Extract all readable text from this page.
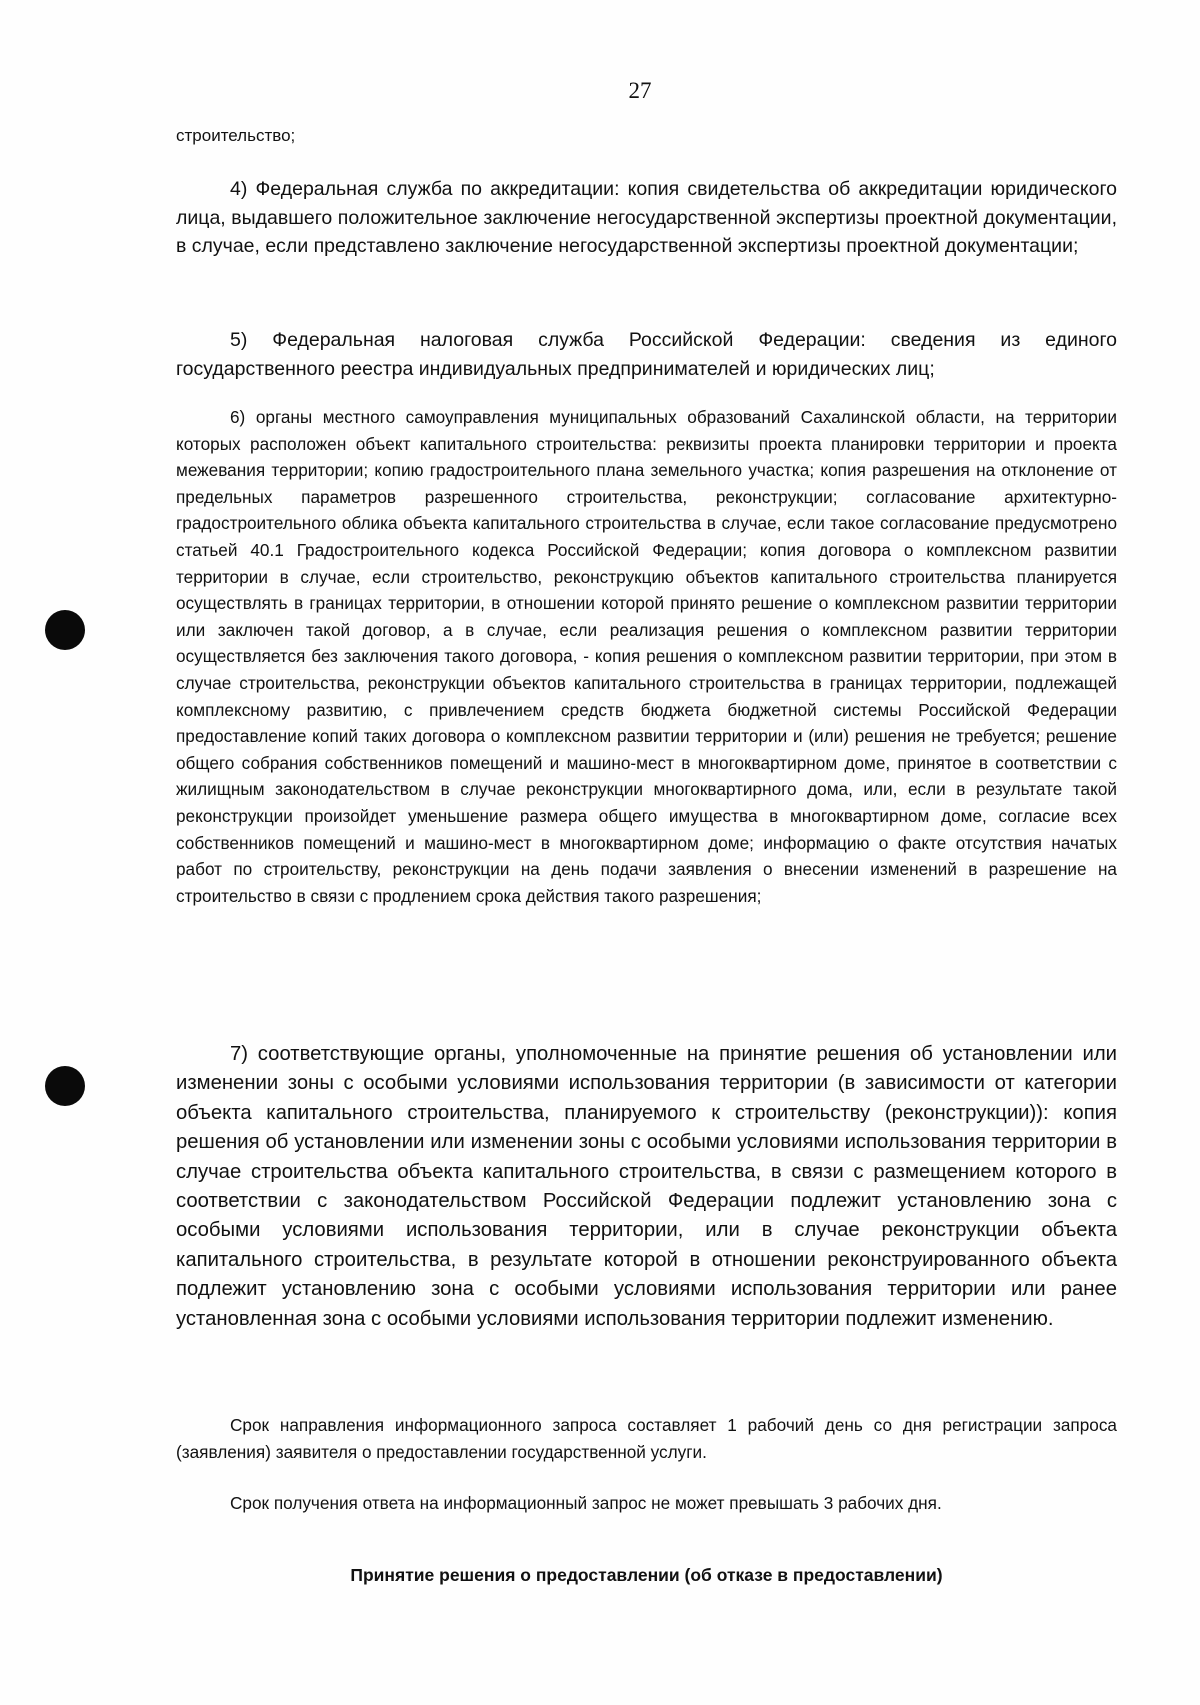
27

строительство;

4) Федеральная служба по аккредитации: копия свидетельства об аккредитации юридического лица, выдавшего положительное заключение негосударственной экспертизы проектной документации, в случае, если представлено заключение негосударственной экспертизы проектной документации;

5) Федеральная налоговая служба Российской Федерации: сведения из единого государственного реестра индивидуальных предпринимателей и юридических лиц;

6) органы местного самоуправления муниципальных образований Сахалинской области, на территории которых расположен объект капитального строительства: реквизиты проекта планировки территории и проекта межевания территории; копию градостроительного плана земельного участка; копия разрешения на отклонение от предельных параметров разрешенного строительства, реконструкции; согласование архитектурно-градостроительного облика объекта капитального строительства в случае, если такое согласование предусмотрено статьей 40.1 Градостроительного кодекса Российской Федерации; копия договора о комплексном развитии территории в случае, если строительство, реконструкцию объектов капитального строительства планируется осуществлять в границах территории, в отношении которой принято решение о комплексном развитии территории или заключен такой договор, а в случае, если реализация решения о комплексном развитии территории осуществляется без заключения такого договора, - копия решения о комплексном развитии территории, при этом в случае строительства, реконструкции объектов капитального строительства в границах территории, подлежащей комплексному развитию, с привлечением средств бюджета бюджетной системы Российской Федерации предоставление копий таких договора о комплексном развитии территории и (или) решения не требуется; решение общего собрания собственников помещений и машино-мест в многоквартирном доме, принятое в соответствии с жилищным законодательством в случае реконструкции многоквартирного дома, или, если в результате такой реконструкции произойдет уменьшение размера общего имущества в многоквартирном доме, согласие всех собственников помещений и машино-мест в многоквартирном доме; информацию о факте отсутствия начатых работ по строительству, реконструкции на день подачи заявления о внесении изменений в разрешение на строительство в связи с продлением срока действия такого разрешения;

7) соответствующие органы, уполномоченные на принятие решения об установлении или изменении зоны с особыми условиями использования территории (в зависимости от категории объекта капитального строительства, планируемого к строительству (реконструкции)): копия решения об установлении или изменении зоны с особыми условиями использования территории в случае строительства объекта капитального строительства, в связи с размещением которого в соответствии с законодательством Российской Федерации подлежит установлению зона с особыми условиями использования территории, или в случае реконструкции объекта капитального строительства, в результате которой в отношении реконструированного объекта подлежит установлению зона с особыми условиями использования территории или ранее установленная зона с особыми условиями использования территории подлежит изменению.

Срок направления информационного запроса составляет 1 рабочий день со дня регистрации запроса (заявления) заявителя о предоставлении государственной услуги.

Срок получения ответа на информационный запрос не может превышать 3 рабочих дня.

Принятие решения о предоставлении (об отказе в предоставлении)
